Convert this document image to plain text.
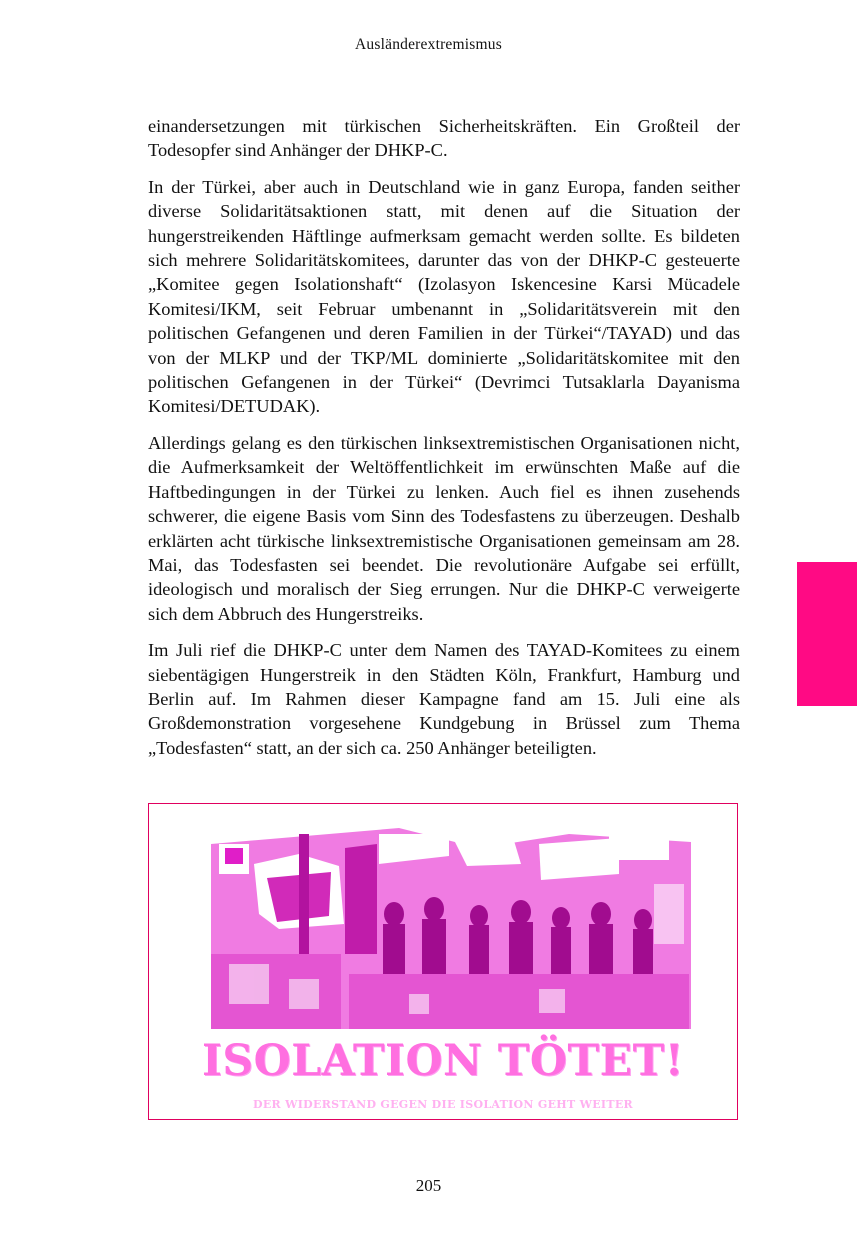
Ausländerextremismus

einandersetzungen mit türkischen Sicherheitskräften. Ein Großteil der Todesopfer sind Anhänger der DHKP-C.

In der Türkei, aber auch in Deutschland wie in ganz Europa, fanden seither diverse Solidaritätsaktionen statt, mit denen auf die Situation der hungerstreikenden Häftlinge aufmerksam gemacht werden sollte. Es bildeten sich mehrere Solidaritätskomitees, darunter das von der DHKP-C gesteuerte „Komitee gegen Isolationshaft“ (Izolasyon Iskencesine Karsi Mücadele Komitesi/IKM, seit Februar umbenannt in „Solidaritätsverein mit den politischen Gefangenen und deren Familien in der Türkei“/TAYAD) und das von der MLKP und der TKP/ML dominierte „Solidaritätskomitee mit den politischen Gefangenen in der Türkei“ (Devrimci Tutsaklarla Dayanisma Komitesi/DETUDAK).

Allerdings gelang es den türkischen linksextremistischen Organisationen nicht, die Aufmerksamkeit der Weltöffentlichkeit im erwünschten Maße auf die Haftbedingungen in der Türkei zu lenken. Auch fiel es ihnen zusehends schwerer, die eigene Basis vom Sinn des Todesfastens zu überzeugen. Deshalb erklärten acht türkische linksextremistische Organisationen gemeinsam am 28. Mai, das Todesfasten sei beendet. Die revolutionäre Aufgabe sei erfüllt, ideologisch und moralisch der Sieg errungen. Nur die DHKP-C verweigerte sich dem Abbruch des Hungerstreiks.

Im Juli rief die DHKP-C unter dem Namen des TAYAD-Komitees zu einem siebentägigen Hungerstreik in den Städten Köln, Frankfurt, Hamburg und Berlin auf. Im Rahmen dieser Kampagne fand am 15. Juli eine als Großdemonstration vorgesehene Kundgebung in Brüssel zum Thema „Todesfasten“ statt, an der sich ca. 250 Anhänger beteiligten.

ISOLATION TÖTET!
DER WIDERSTAND GEGEN DIE ISOLATION GEHT WEITER
205
